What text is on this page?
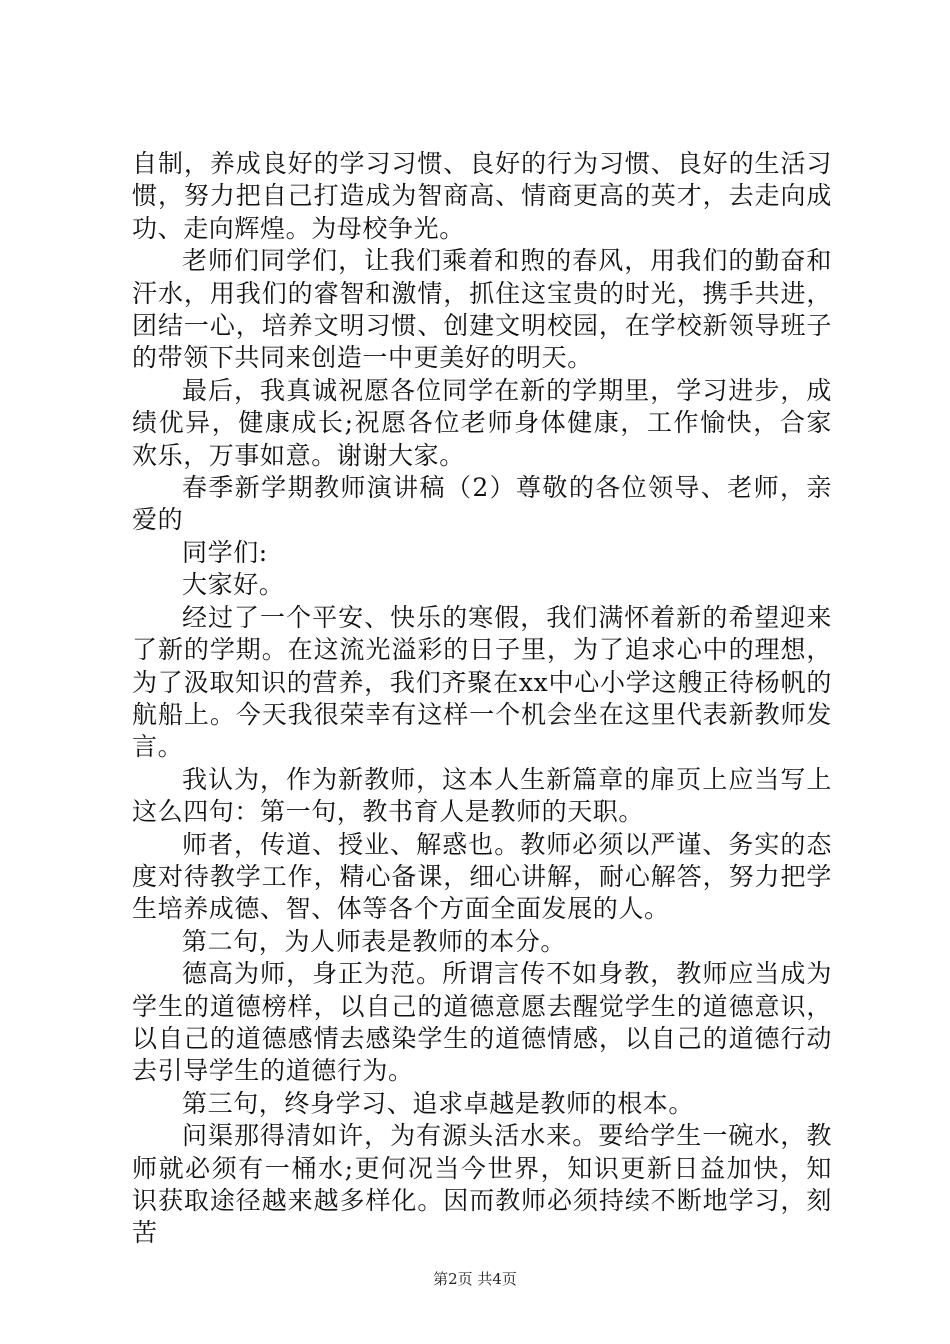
自制，养成良好的学习习惯、良好的行为习惯、良好的生活习惯，努力把自己打造成为智商高、情商更高的英才，去走向成功、走向辉煌。为母校争光。

老师们同学们，让我们乘着和煦的春风，用我们的勤奋和汗水，用我们的睿智和激情，抓住这宝贵的时光，携手共进，团结一心，培养文明习惯、创建文明校园，在学校新领导班子的带领下共同来创造一中更美好的明天。

最后，我真诚祝愿各位同学在新的学期里，学习进步，成绩优异，健康成长;祝愿各位老师身体健康，工作愉快，合家欢乐，万事如意。谢谢大家。

春季新学期教师演讲稿（2）尊敬的各位领导、老师，亲爱的

同学们:

大家好。

经过了一个平安、快乐的寒假，我们满怀着新的希望迎来了新的学期。在这流光溢彩的日子里，为了追求心中的理想，为了汲取知识的营养，我们齐聚在xx中心小学这艘正待杨帆的航船上。今天我很荣幸有这样一个机会坐在这里代表新教师发言。

我认为，作为新教师，这本人生新篇章的扉页上应当写上这么四句：第一句，教书育人是教师的天职。

师者，传道、授业、解惑也。教师必须以严谨、务实的态度对待教学工作，精心备课，细心讲解，耐心解答，努力把学生培养成德、智、体等各个方面全面发展的人。

第二句，为人师表是教师的本分。

德高为师，身正为范。所谓言传不如身教，教师应当成为学生的道德榜样，以自己的道德意愿去醒觉学生的道德意识，以自己的道德感情去感染学生的道德情感，以自己的道德行动去引导学生的道德行为。

第三句，终身学习、追求卓越是教师的根本。

问渠那得清如许，为有源头活水来。要给学生一碗水，教师就必须有一桶水;更何况当今世界，知识更新日益加快，知识获取途径越来越多样化。因而教师必须持续不断地学习，刻苦

第2页 共4页
